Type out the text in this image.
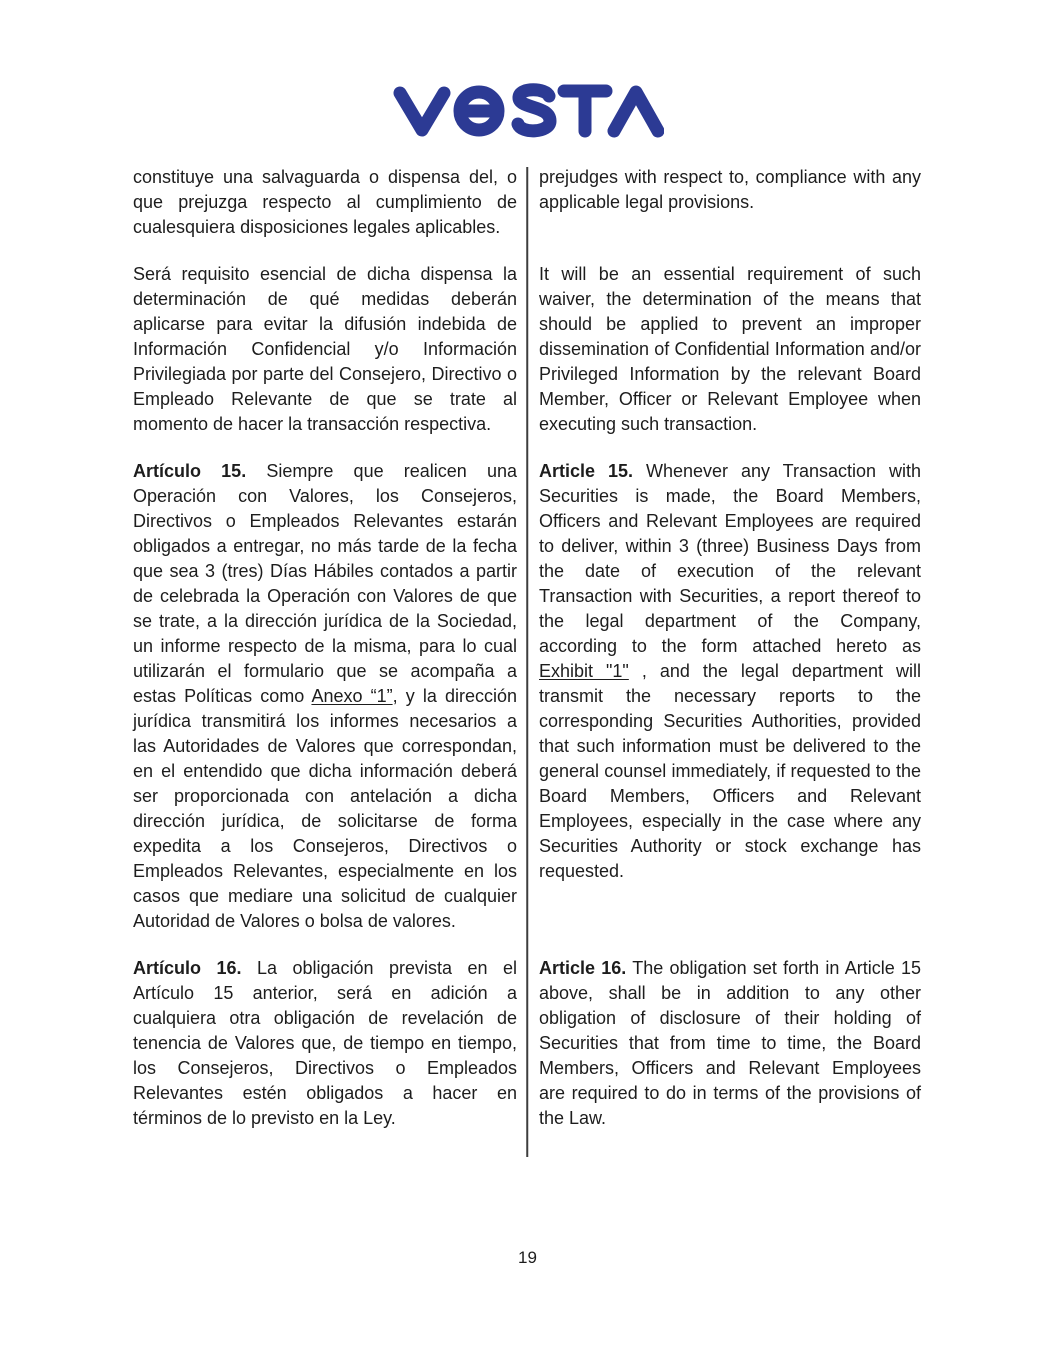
constituye una salvaguarda o dispensa del, o que prejuzga respecto al cumplimiento de cualesquiera disposiciones legales aplicables.

prejudges with respect to, compliance with any applicable legal provisions.

Será requisito esencial de dicha dispensa la determinación de qué medidas deberán aplicarse para evitar la difusión indebida de Información Confidencial y/o Información Privilegiada por parte del Consejero, Directivo o Empleado Relevante de que se trate al momento de hacer la transacción respectiva.

It will be an essential requirement of such waiver, the determination of the means that should be applied to prevent an improper dissemination of Confidential Information and/or Privileged Information by the relevant Board Member, Officer or Relevant Employee when executing such transaction.

Artículo 15. Siempre que realicen una Operación con Valores, los Consejeros, Directivos o Empleados Relevantes estarán obligados a entregar, no más tarde de la fecha que sea 3 (tres) Días Hábiles contados a partir de celebrada la Operación con Valores de que se trate, a la dirección jurídica de la Sociedad, un informe respecto de la misma, para lo cual utilizarán el formulario que se acompaña a estas Políticas como Anexo “1”, y la dirección jurídica transmitirá los informes necesarios a las Autoridades de Valores que correspondan, en el entendido que dicha información deberá ser proporcionada con antelación a dicha dirección jurídica, de solicitarse de forma expedita a los Consejeros, Directivos o Empleados Relevantes, especialmente en los casos que mediare una solicitud de cualquier Autoridad de Valores o bolsa de valores.

Article 15. Whenever any Transaction with Securities is made, the Board Members, Officers and Relevant Employees are required to deliver, within 3 (three) Business Days from the date of execution of the relevant Transaction with Securities, a report thereof to the legal department of the Company, according to the form attached hereto as Exhibit "1" , and the legal department will transmit the necessary reports to the corresponding Securities Authorities, provided that such information must be delivered to the general counsel immediately, if requested to the Board Members, Officers and Relevant Employees, especially in the case where any Securities Authority or stock exchange has requested.

Artículo 16. La obligación prevista en el Artículo 15 anterior, será en adición a cualquiera otra obligación de revelación de tenencia de Valores que, de tiempo en tiempo, los Consejeros, Directivos o Empleados Relevantes estén obligados a hacer en términos de lo previsto en la Ley.

Article 16. The obligation set forth in Article 15 above, shall be in addition to any other obligation of disclosure of their holding of Securities that from time to time, the Board Members, Officers and Relevant Employees are required to do in terms of the provisions of the Law.

19
